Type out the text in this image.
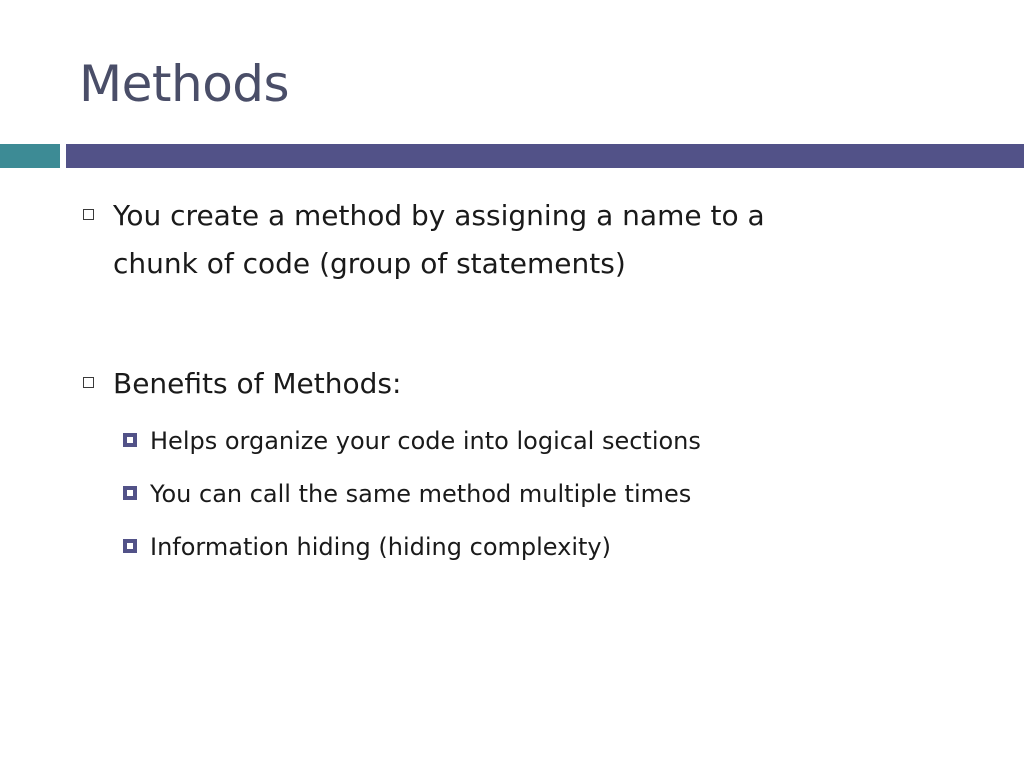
Methods
You create a method by assigning a name to a
chunk of code (group of statements)
Benefits of Methods:
Helps organize your code into logical sections
You can call the same method multiple times
Information hiding (hiding complexity)
